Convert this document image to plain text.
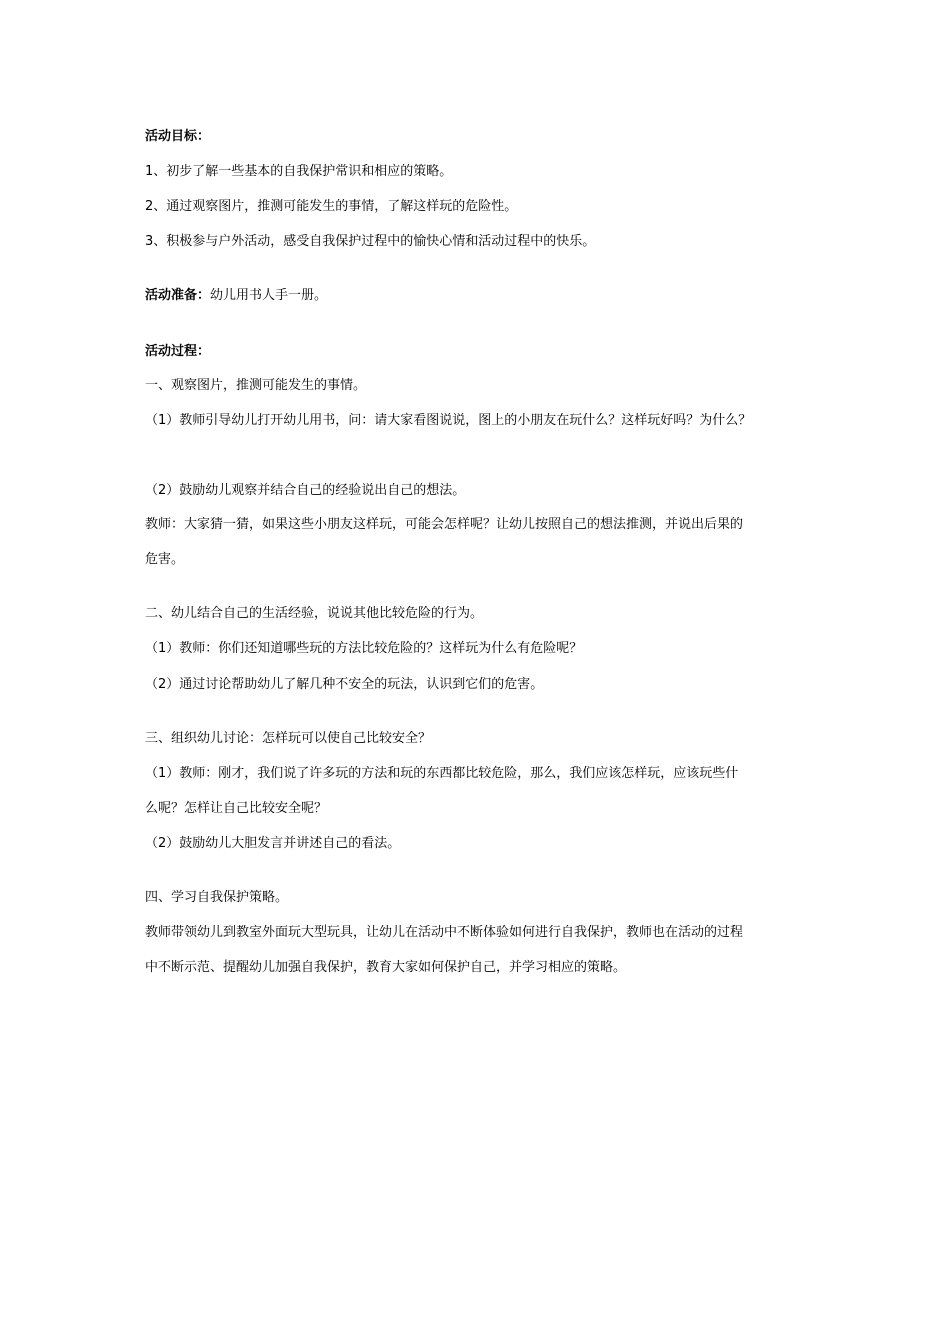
活动目标：
1、初步了解一些基本的自我保护常识和相应的策略。
2、通过观察图片，推测可能发生的事情，了解这样玩的危险性。
3、积极参与户外活动，感受自我保护过程中的愉快心情和活动过程中的快乐。
活动准备：幼儿用书人手一册。
活动过程：
一、观察图片，推测可能发生的事情。
（1）教师引导幼儿打开幼儿用书，问：请大家看图说说，图上的小朋友在玩什么？这样玩好吗？为什么？
（2）鼓励幼儿观察并结合自己的经验说出自己的想法。
教师：大家猜一猜，如果这些小朋友这样玩，可能会怎样呢？让幼儿按照自己的想法推测，并说出后果的
危害。
二、幼儿结合自己的生活经验，说说其他比较危险的行为。
（1）教师：你们还知道哪些玩的方法比较危险的？这样玩为什么有危险呢？
（2）通过讨论帮助幼儿了解几种不安全的玩法，认识到它们的危害。
三、组织幼儿讨论：怎样玩可以使自己比较安全？
（1）教师：刚才，我们说了许多玩的方法和玩的东西都比较危险，那么，我们应该怎样玩，应该玩些什
么呢？怎样让自己比较安全呢？
（2）鼓励幼儿大胆发言并讲述自己的看法。
四、学习自我保护策略。
教师带领幼儿到教室外面玩大型玩具，让幼儿在活动中不断体验如何进行自我保护，教师也在活动的过程
中不断示范、提醒幼儿加强自我保护，教育大家如何保护自己，并学习相应的策略。
